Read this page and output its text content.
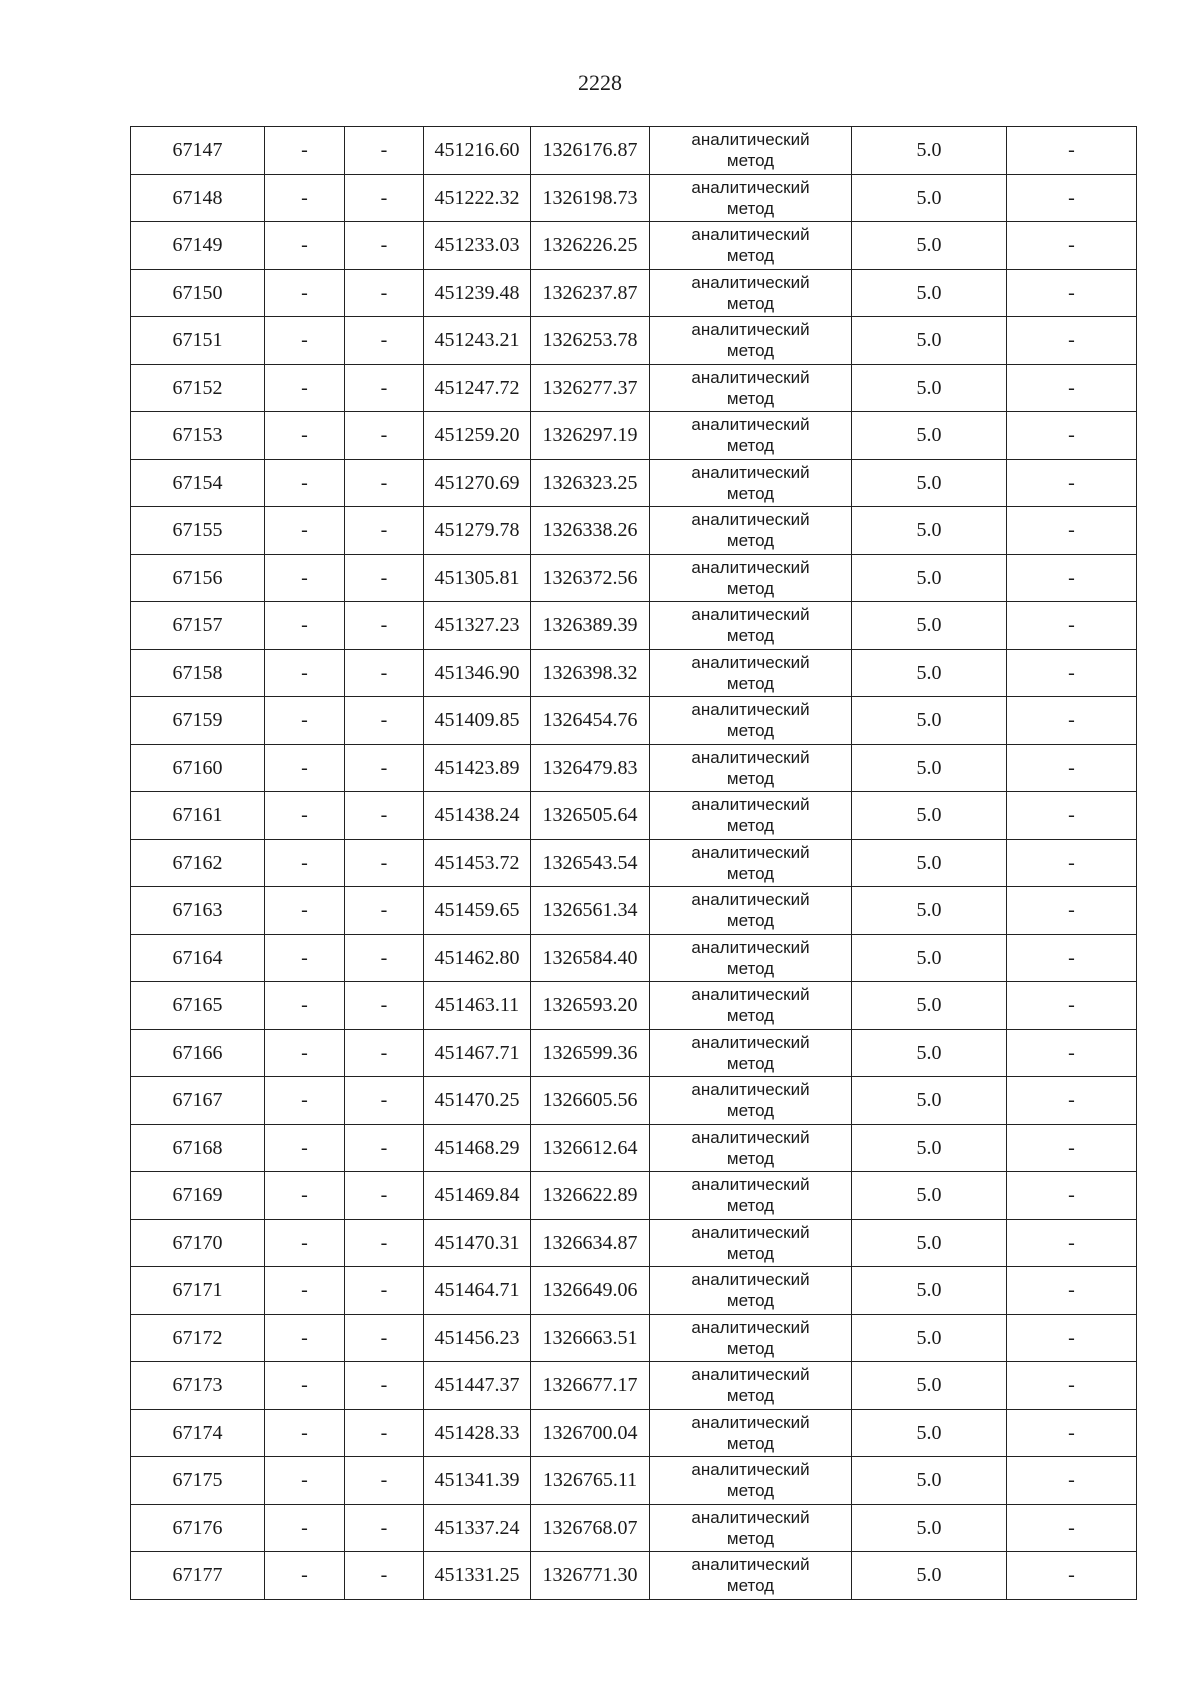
2228
67147	-	-	451216.60	1326176.87	аналитический
метод	5.0	-
67148	-	-	451222.32	1326198.73	аналитический
метод	5.0	-
67149	-	-	451233.03	1326226.25	аналитический
метод	5.0	-
67150	-	-	451239.48	1326237.87	аналитический
метод	5.0	-
67151	-	-	451243.21	1326253.78	аналитический
метод	5.0	-
67152	-	-	451247.72	1326277.37	аналитический
метод	5.0	-
67153	-	-	451259.20	1326297.19	аналитический
метод	5.0	-
67154	-	-	451270.69	1326323.25	аналитический
метод	5.0	-
67155	-	-	451279.78	1326338.26	аналитический
метод	5.0	-
67156	-	-	451305.81	1326372.56	аналитический
метод	5.0	-
67157	-	-	451327.23	1326389.39	аналитический
метод	5.0	-
67158	-	-	451346.90	1326398.32	аналитический
метод	5.0	-
67159	-	-	451409.85	1326454.76	аналитический
метод	5.0	-
67160	-	-	451423.89	1326479.83	аналитический
метод	5.0	-
67161	-	-	451438.24	1326505.64	аналитический
метод	5.0	-
67162	-	-	451453.72	1326543.54	аналитический
метод	5.0	-
67163	-	-	451459.65	1326561.34	аналитический
метод	5.0	-
67164	-	-	451462.80	1326584.40	аналитический
метод	5.0	-
67165	-	-	451463.11	1326593.20	аналитический
метод	5.0	-
67166	-	-	451467.71	1326599.36	аналитический
метод	5.0	-
67167	-	-	451470.25	1326605.56	аналитический
метод	5.0	-
67168	-	-	451468.29	1326612.64	аналитический
метод	5.0	-
67169	-	-	451469.84	1326622.89	аналитический
метод	5.0	-
67170	-	-	451470.31	1326634.87	аналитический
метод	5.0	-
67171	-	-	451464.71	1326649.06	аналитический
метод	5.0	-
67172	-	-	451456.23	1326663.51	аналитический
метод	5.0	-
67173	-	-	451447.37	1326677.17	аналитический
метод	5.0	-
67174	-	-	451428.33	1326700.04	аналитический
метод	5.0	-
67175	-	-	451341.39	1326765.11	аналитический
метод	5.0	-
67176	-	-	451337.24	1326768.07	аналитический
метод	5.0	-
67177	-	-	451331.25	1326771.30	аналитический
метод	5.0	-
